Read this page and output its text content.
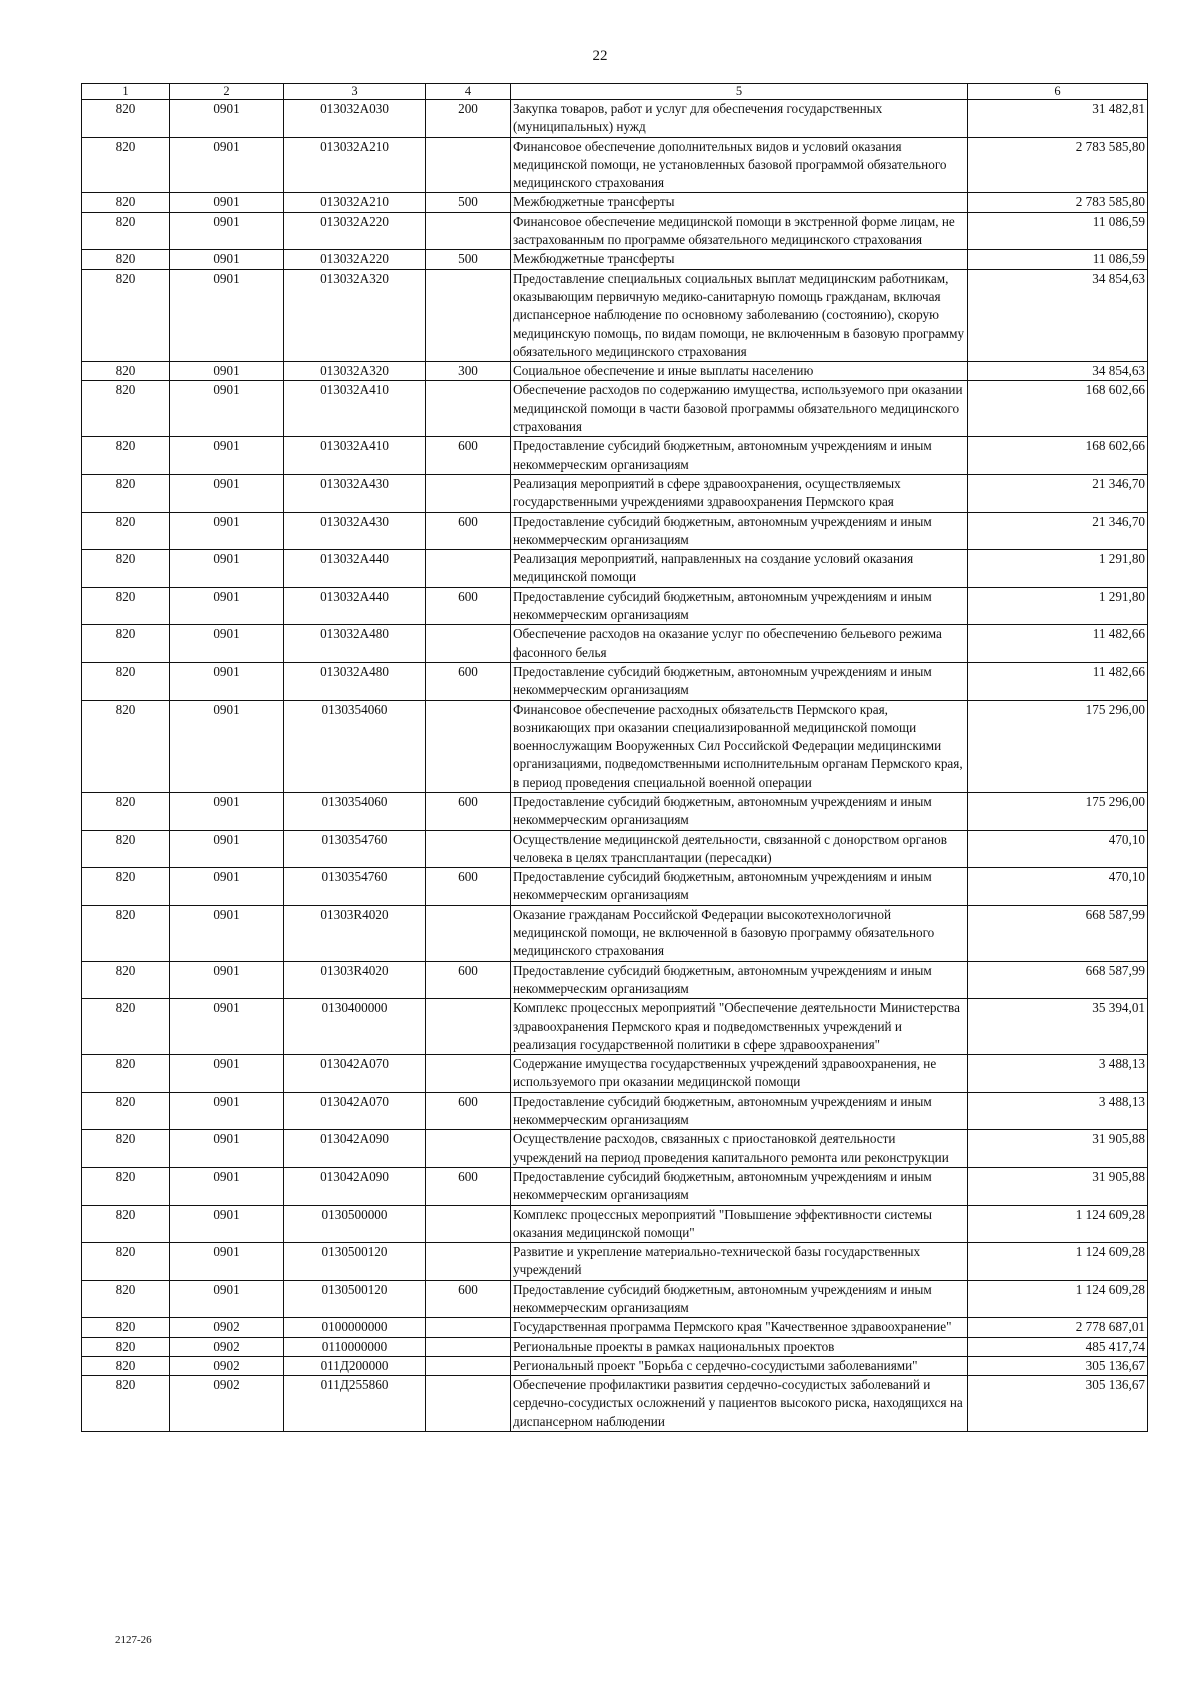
22
1	2	3	4	5	6
820	0901	013032А030	200	Закупка товаров, работ и услуг для обеспечения государственных (муниципальных) нужд	31 482,81
820	0901	013032А210		Финансовое обеспечение дополнительных видов и условий оказания медицинской помощи, не установленных базовой программой обязательного медицинского страхования	2 783 585,80
820	0901	013032А210	500	Межбюджетные трансферты	2 783 585,80
820	0901	013032А220		Финансовое обеспечение медицинской помощи в экстренной форме лицам, не застрахованным по программе обязательного медицинского страхования	11 086,59
820	0901	013032А220	500	Межбюджетные трансферты	11 086,59
820	0901	013032А320		Предоставление специальных социальных выплат медицинским работникам, оказывающим первичную медико-санитарную помощь гражданам, включая диспансерное наблюдение по основному заболеванию (состоянию), скорую медицинскую помощь, по видам помощи, не включенным в базовую программу обязательного медицинского страхования	34 854,63
820	0901	013032А320	300	Социальное обеспечение и иные выплаты населению	34 854,63
820	0901	013032А410		Обеспечение расходов по содержанию имущества, используемого при оказании медицинской помощи в части базовой программы обязательного медицинского страхования	168 602,66
820	0901	013032А410	600	Предоставление субсидий бюджетным, автономным учреждениям и иным некоммерческим организациям	168 602,66
820	0901	013032А430		Реализация мероприятий в сфере здравоохранения, осуществляемых государственными учреждениями здравоохранения Пермского края	21 346,70
820	0901	013032А430	600	Предоставление субсидий бюджетным, автономным учреждениям и иным некоммерческим организациям	21 346,70
820	0901	013032А440		Реализация мероприятий, направленных на создание условий оказания медицинской помощи	1 291,80
820	0901	013032А440	600	Предоставление субсидий бюджетным, автономным учреждениям и иным некоммерческим организациям	1 291,80
820	0901	013032А480		Обеспечение расходов на оказание услуг по обеспечению бельевого режима фасонного белья	11 482,66
820	0901	013032А480	600	Предоставление субсидий бюджетным, автономным учреждениям и иным некоммерческим организациям	11 482,66
820	0901	0130354060		Финансовое обеспечение расходных обязательств Пермского края, возникающих при оказании специализированной медицинской помощи военнослужащим Вооруженных Сил Российской Федерации медицинскими организациями, подведомственными исполнительным органам Пермского края, в период проведения специальной военной операции	175 296,00
820	0901	0130354060	600	Предоставление субсидий бюджетным, автономным учреждениям и иным некоммерческим организациям	175 296,00
820	0901	0130354760		Осуществление медицинской деятельности, связанной с донорством органов человека в целях трансплантации (пересадки)	470,10
820	0901	0130354760	600	Предоставление субсидий бюджетным, автономным учреждениям и иным некоммерческим организациям	470,10
820	0901	01303R4020		Оказание гражданам Российской Федерации высокотехнологичной медицинской помощи, не включенной в базовую программу обязательного медицинского страхования	668 587,99
820	0901	01303R4020	600	Предоставление субсидий бюджетным, автономным учреждениям и иным некоммерческим организациям	668 587,99
820	0901	0130400000		Комплекс процессных мероприятий "Обеспечение деятельности Министерства здравоохранения Пермского края и подведомственных учреждений и реализация государственной политики в сфере здравоохранения"	35 394,01
820	0901	013042А070		Содержание имущества государственных учреждений здравоохранения, не используемого при оказании медицинской помощи	3 488,13
820	0901	013042А070	600	Предоставление субсидий бюджетным, автономным учреждениям и иным некоммерческим организациям	3 488,13
820	0901	013042А090		Осуществление расходов, связанных с приостановкой деятельности учреждений на период проведения капитального ремонта или реконструкции	31 905,88
820	0901	013042А090	600	Предоставление субсидий бюджетным, автономным учреждениям и иным некоммерческим организациям	31 905,88
820	0901	0130500000		Комплекс процессных мероприятий "Повышение эффективности системы оказания медицинской помощи"	1 124 609,28
820	0901	0130500120		Развитие и укрепление материально-технической базы государственных учреждений	1 124 609,28
820	0901	0130500120	600	Предоставление субсидий бюджетным, автономным учреждениям и иным некоммерческим организациям	1 124 609,28
820	0902	0100000000		Государственная программа Пермского края "Качественное здравоохранение"	2 778 687,01
820	0902	0110000000		Региональные проекты в рамках национальных проектов	485 417,74
820	0902	011Д200000		Региональный проект "Борьба с сердечно-сосудистыми заболеваниями"	305 136,67
820	0902	011Д255860		Обеспечение профилактики развития сердечно-сосудистых заболеваний и сердечно-сосудистых осложнений у пациентов высокого риска, находящихся на диспансерном наблюдении	305 136,67
2127-26
